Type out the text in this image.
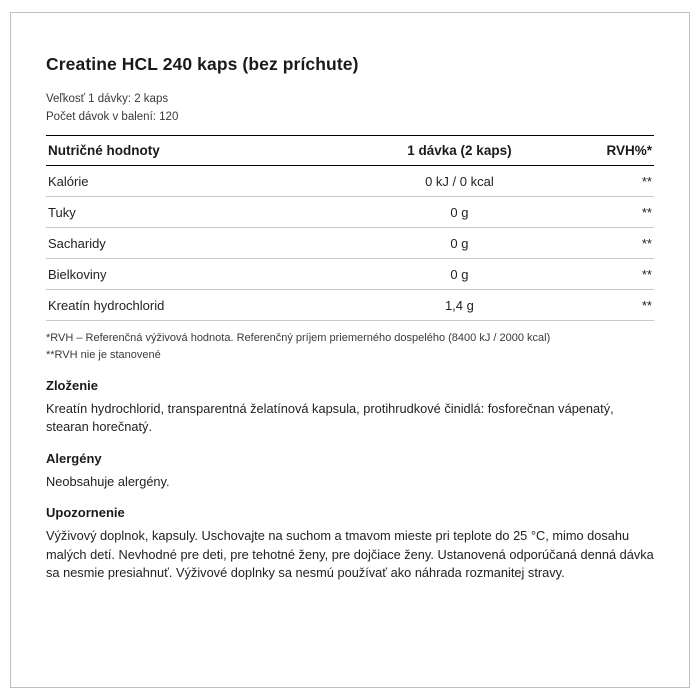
Creatine HCL 240 kaps (bez príchute)
Veľkosť 1 dávky: 2 kaps
Počet dávok v balení: 120
Nutričné hodnoty	1 dávka (2 kaps)	RVH%*
Kalórie	0 kJ / 0 kcal	**
Tuky	0 g	**
Sacharidy	0 g	**
Bielkoviny	0 g	**
Kreatín hydrochlorid	1,4 g	**
*RVH – Referenčná výživová hodnota. Referenčný príjem priemerného dospelého (8400 kJ / 2000 kcal)
**RVH nie je stanovené
Zloženie

Kreatín hydrochlorid, transparentná želatínová kapsula, protihrudkové činidlá: fosforečnan vápenatý, stearan horečnatý.

Alergény

Neobsahuje alergény.

Upozornenie

Výživový doplnok, kapsuly. Uschovajte na suchom a tmavom mieste pri teplote do 25 °C, mimo dosahu malých detí. Nevhodné pre deti, pre tehotné ženy, pre dojčiace ženy. Ustanovená odporúčaná denná dávka sa nesmie presiahnuť. Výživové doplnky sa nesmú používať ako náhrada rozmanitej stravy.
